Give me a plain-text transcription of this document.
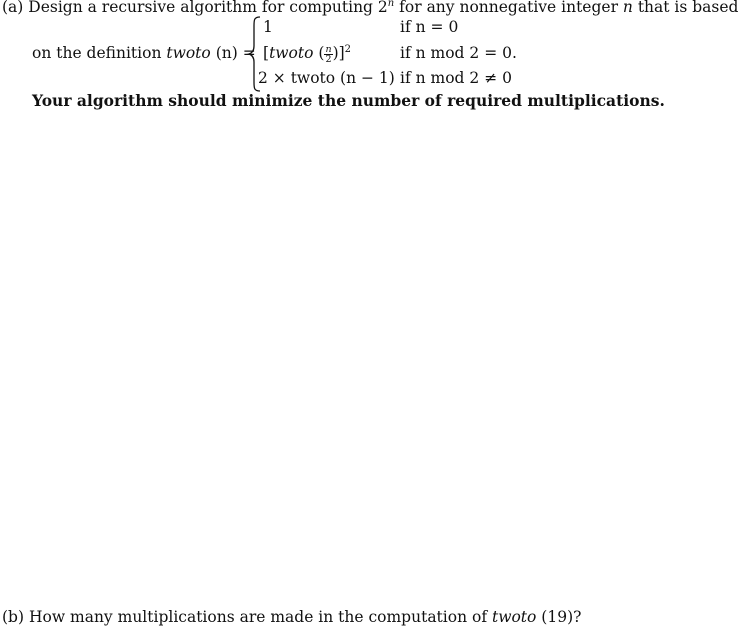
(a) Design a recursive algorithm for computing 2$^n$ for any nonnegative integer n that is based
on the definition twoto (n) =
1	if n = 0
[twoto ( $\frac{n}{2} )]^2$	if n mod 2 = 0.
2 × twoto (n − 1) if n mod 2 ≠ 0
Your algorithm should minimize the number of required multiplications.
(b) How many multiplications are made in the computation of twoto (19)?
